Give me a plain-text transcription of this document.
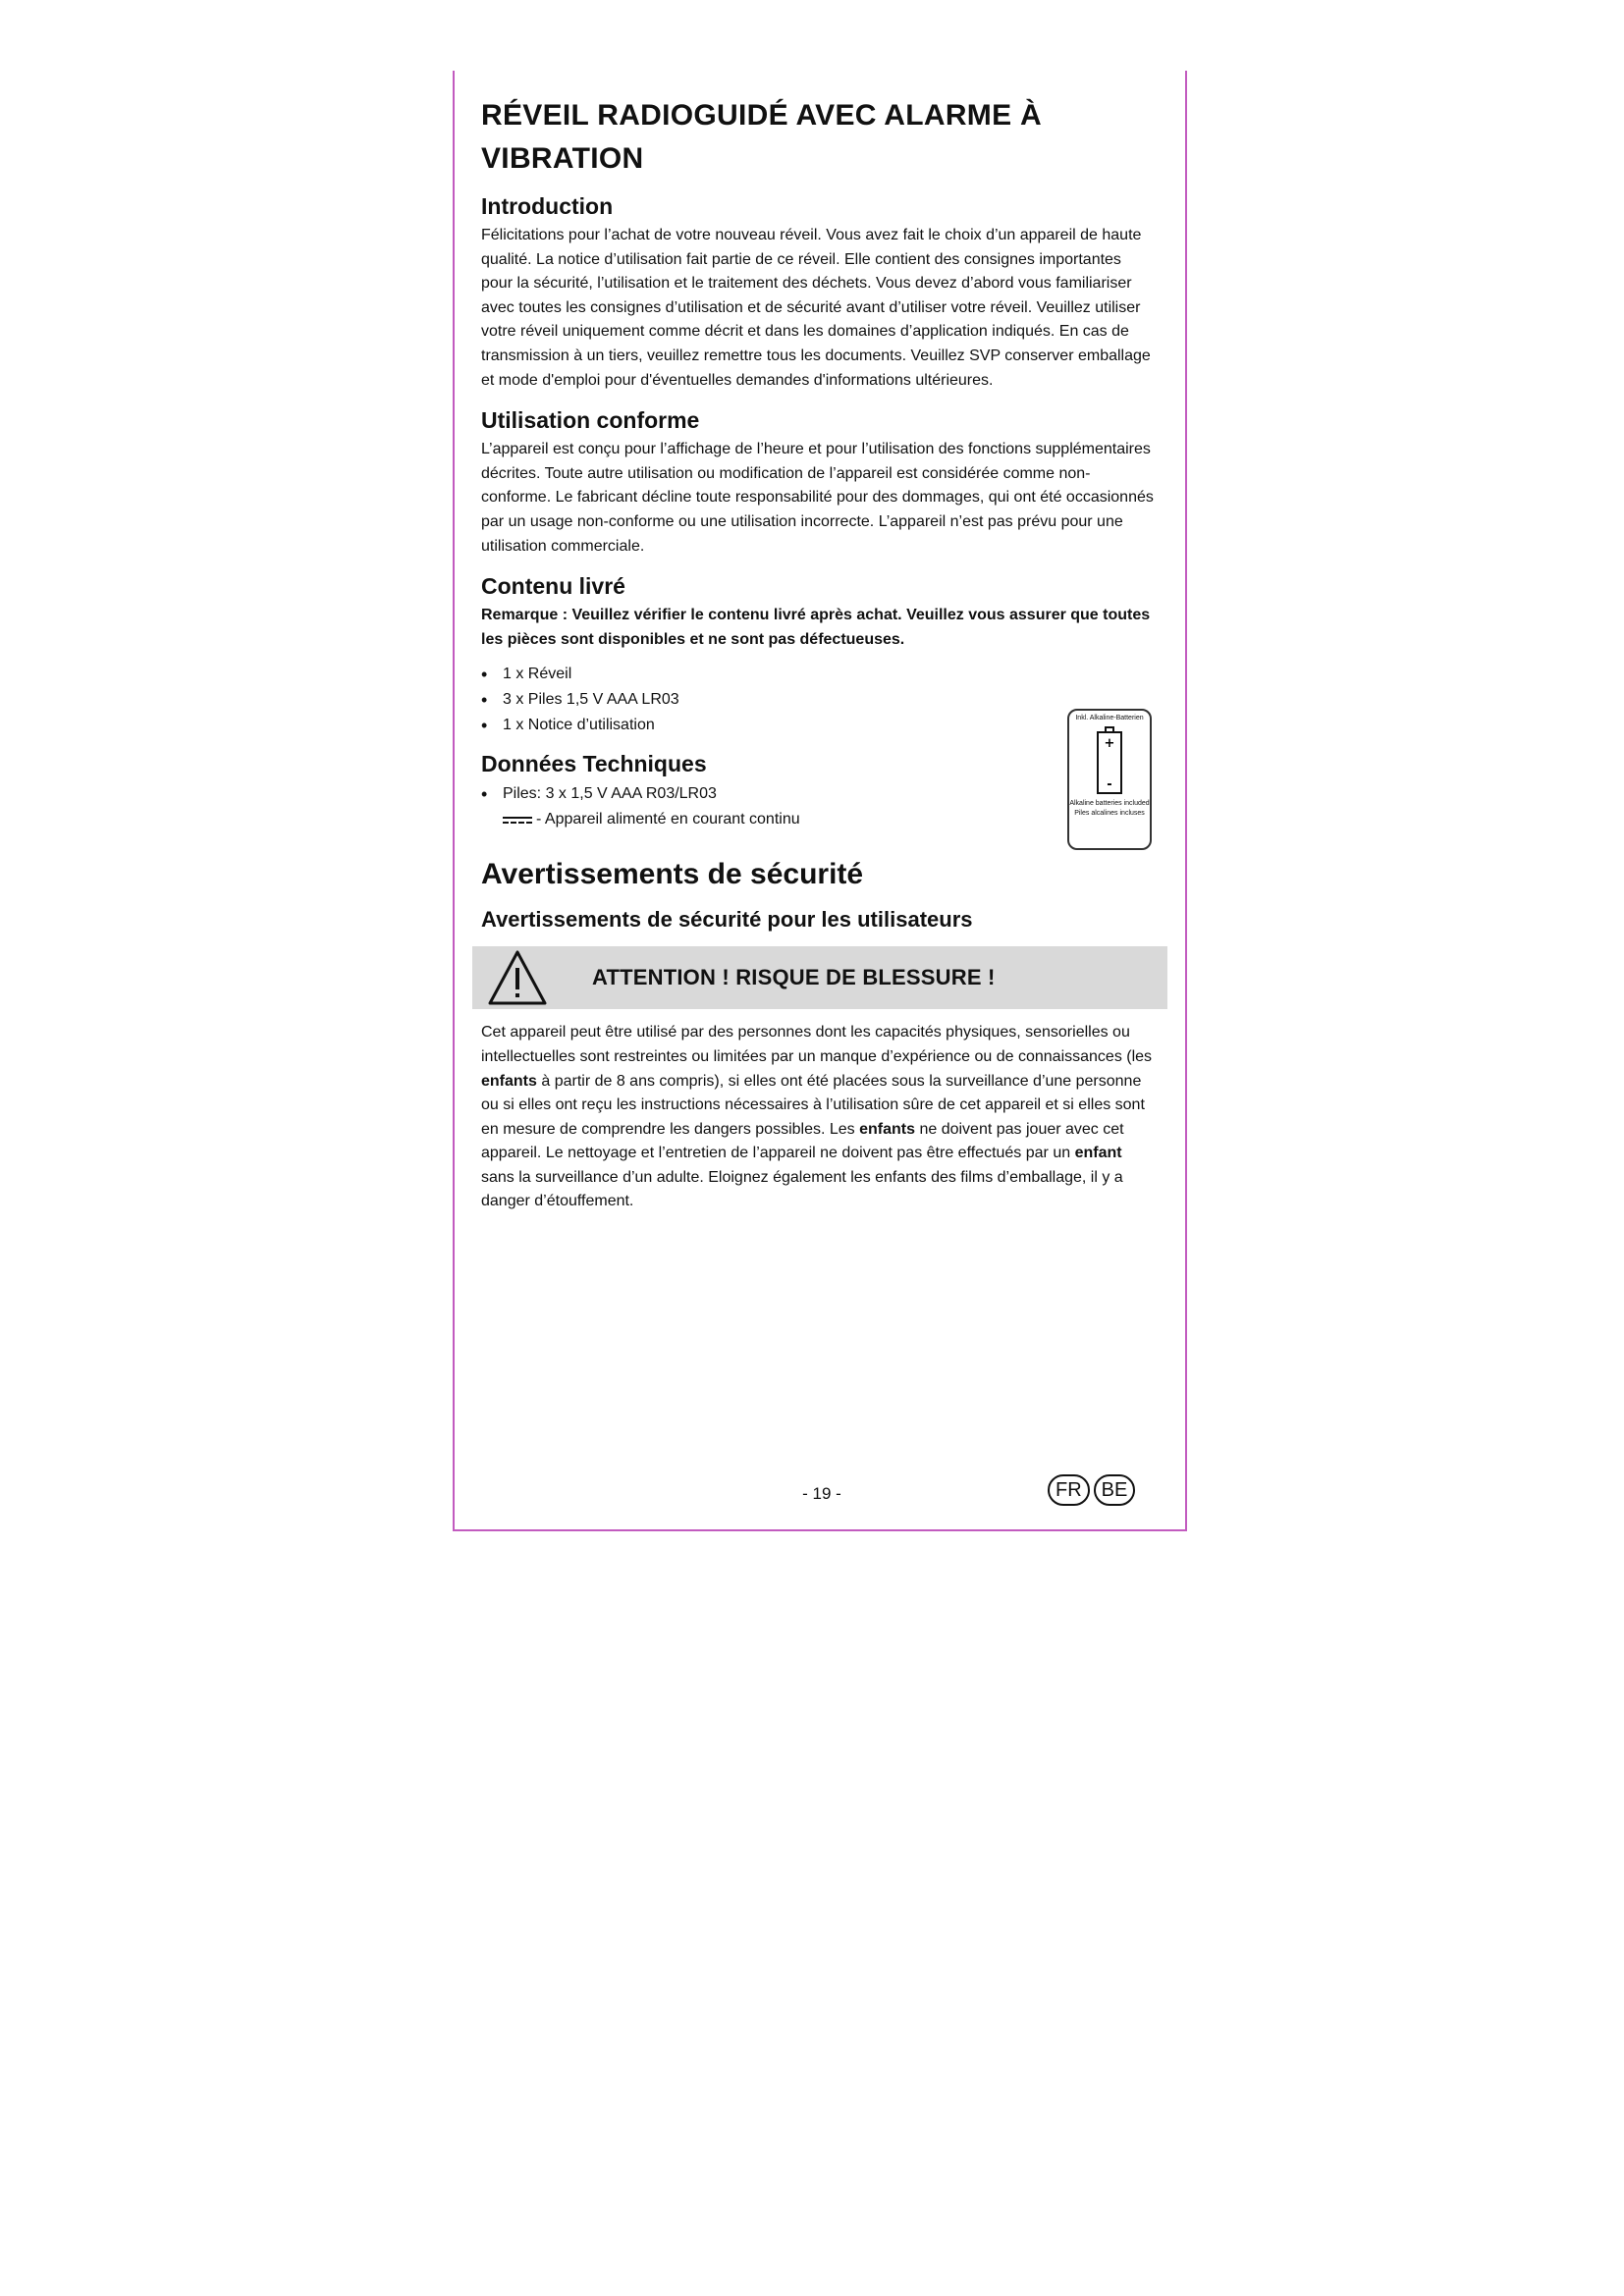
RÉVEIL RADIOGUIDÉ AVEC ALARME À
VIBRATION
Introduction

Félicitations pour l’achat de votre nouveau réveil. Vous avez fait le choix d’un appareil de haute qualité. La notice d’utilisation fait partie de ce réveil. Elle contient des consignes importantes pour la sécurité, l’utilisation et le traitement des déchets. Vous devez d’abord vous familiariser avec toutes les consignes d’utilisation et de sécurité avant d’utiliser votre réveil. Veuillez utiliser votre réveil uniquement comme décrit et dans les domaines d’application indiqués. En cas de transmission à un tiers, veuillez remettre tous les documents. Veuillez SVP conserver emballage et mode d'emploi pour d'éventuelles demandes d'informations ultérieures.

Utilisation conforme

L’appareil est conçu pour l’affichage de l’heure et pour l’utilisation des fonctions supplémentaires décrites. Toute autre utilisation ou modification de l’appareil est considérée comme non-conforme. Le fabricant décline toute responsabilité pour des dommages, qui ont été occasionnés par un usage non-conforme ou une utilisation incorrecte. L’appareil n’est pas prévu pour une utilisation commerciale.

Contenu livré

Remarque : Veuillez vérifier le contenu livré après achat. Veuillez vous assurer que toutes les pièces sont disponibles et ne sont pas défectueuses.

• 1 x Réveil
• 3 x Piles 1,5 V AAA LR03
• 1 x Notice d’utilisation
Données Techniques
• Piles: 3 x 1,5 V AAA R03/LR03
- Appareil alimenté en courant continu
Avertissements de sécurité
Avertissements de sécurité pour les utilisateurs
ATTENTION ! RISQUE DE BLESSURE !

Cet appareil peut être utilisé par des personnes dont les capacités physiques, sensorielles ou intellectuelles sont restreintes ou limitées par un manque d’expérience ou de connaissances (les enfants à partir de 8 ans compris), si elles ont été placées sous la surveillance d’une personne ou si elles ont reçu les instructions nécessaires à l’utilisation sûre de cet appareil et si elles sont en mesure de comprendre les dangers possibles. Les enfants ne doivent pas jouer avec cet appareil. Le nettoyage et l’entretien de l’appareil ne doivent pas être effectués par un enfant sans la surveillance d’un adulte. Eloignez également les enfants des films d’emballage, il y a danger d’étouffement.

Inkl. Alkaline-Batterien
+
-
Alkaline batteries included
Piles alcalines incluses
- 19 -	FR	BE
